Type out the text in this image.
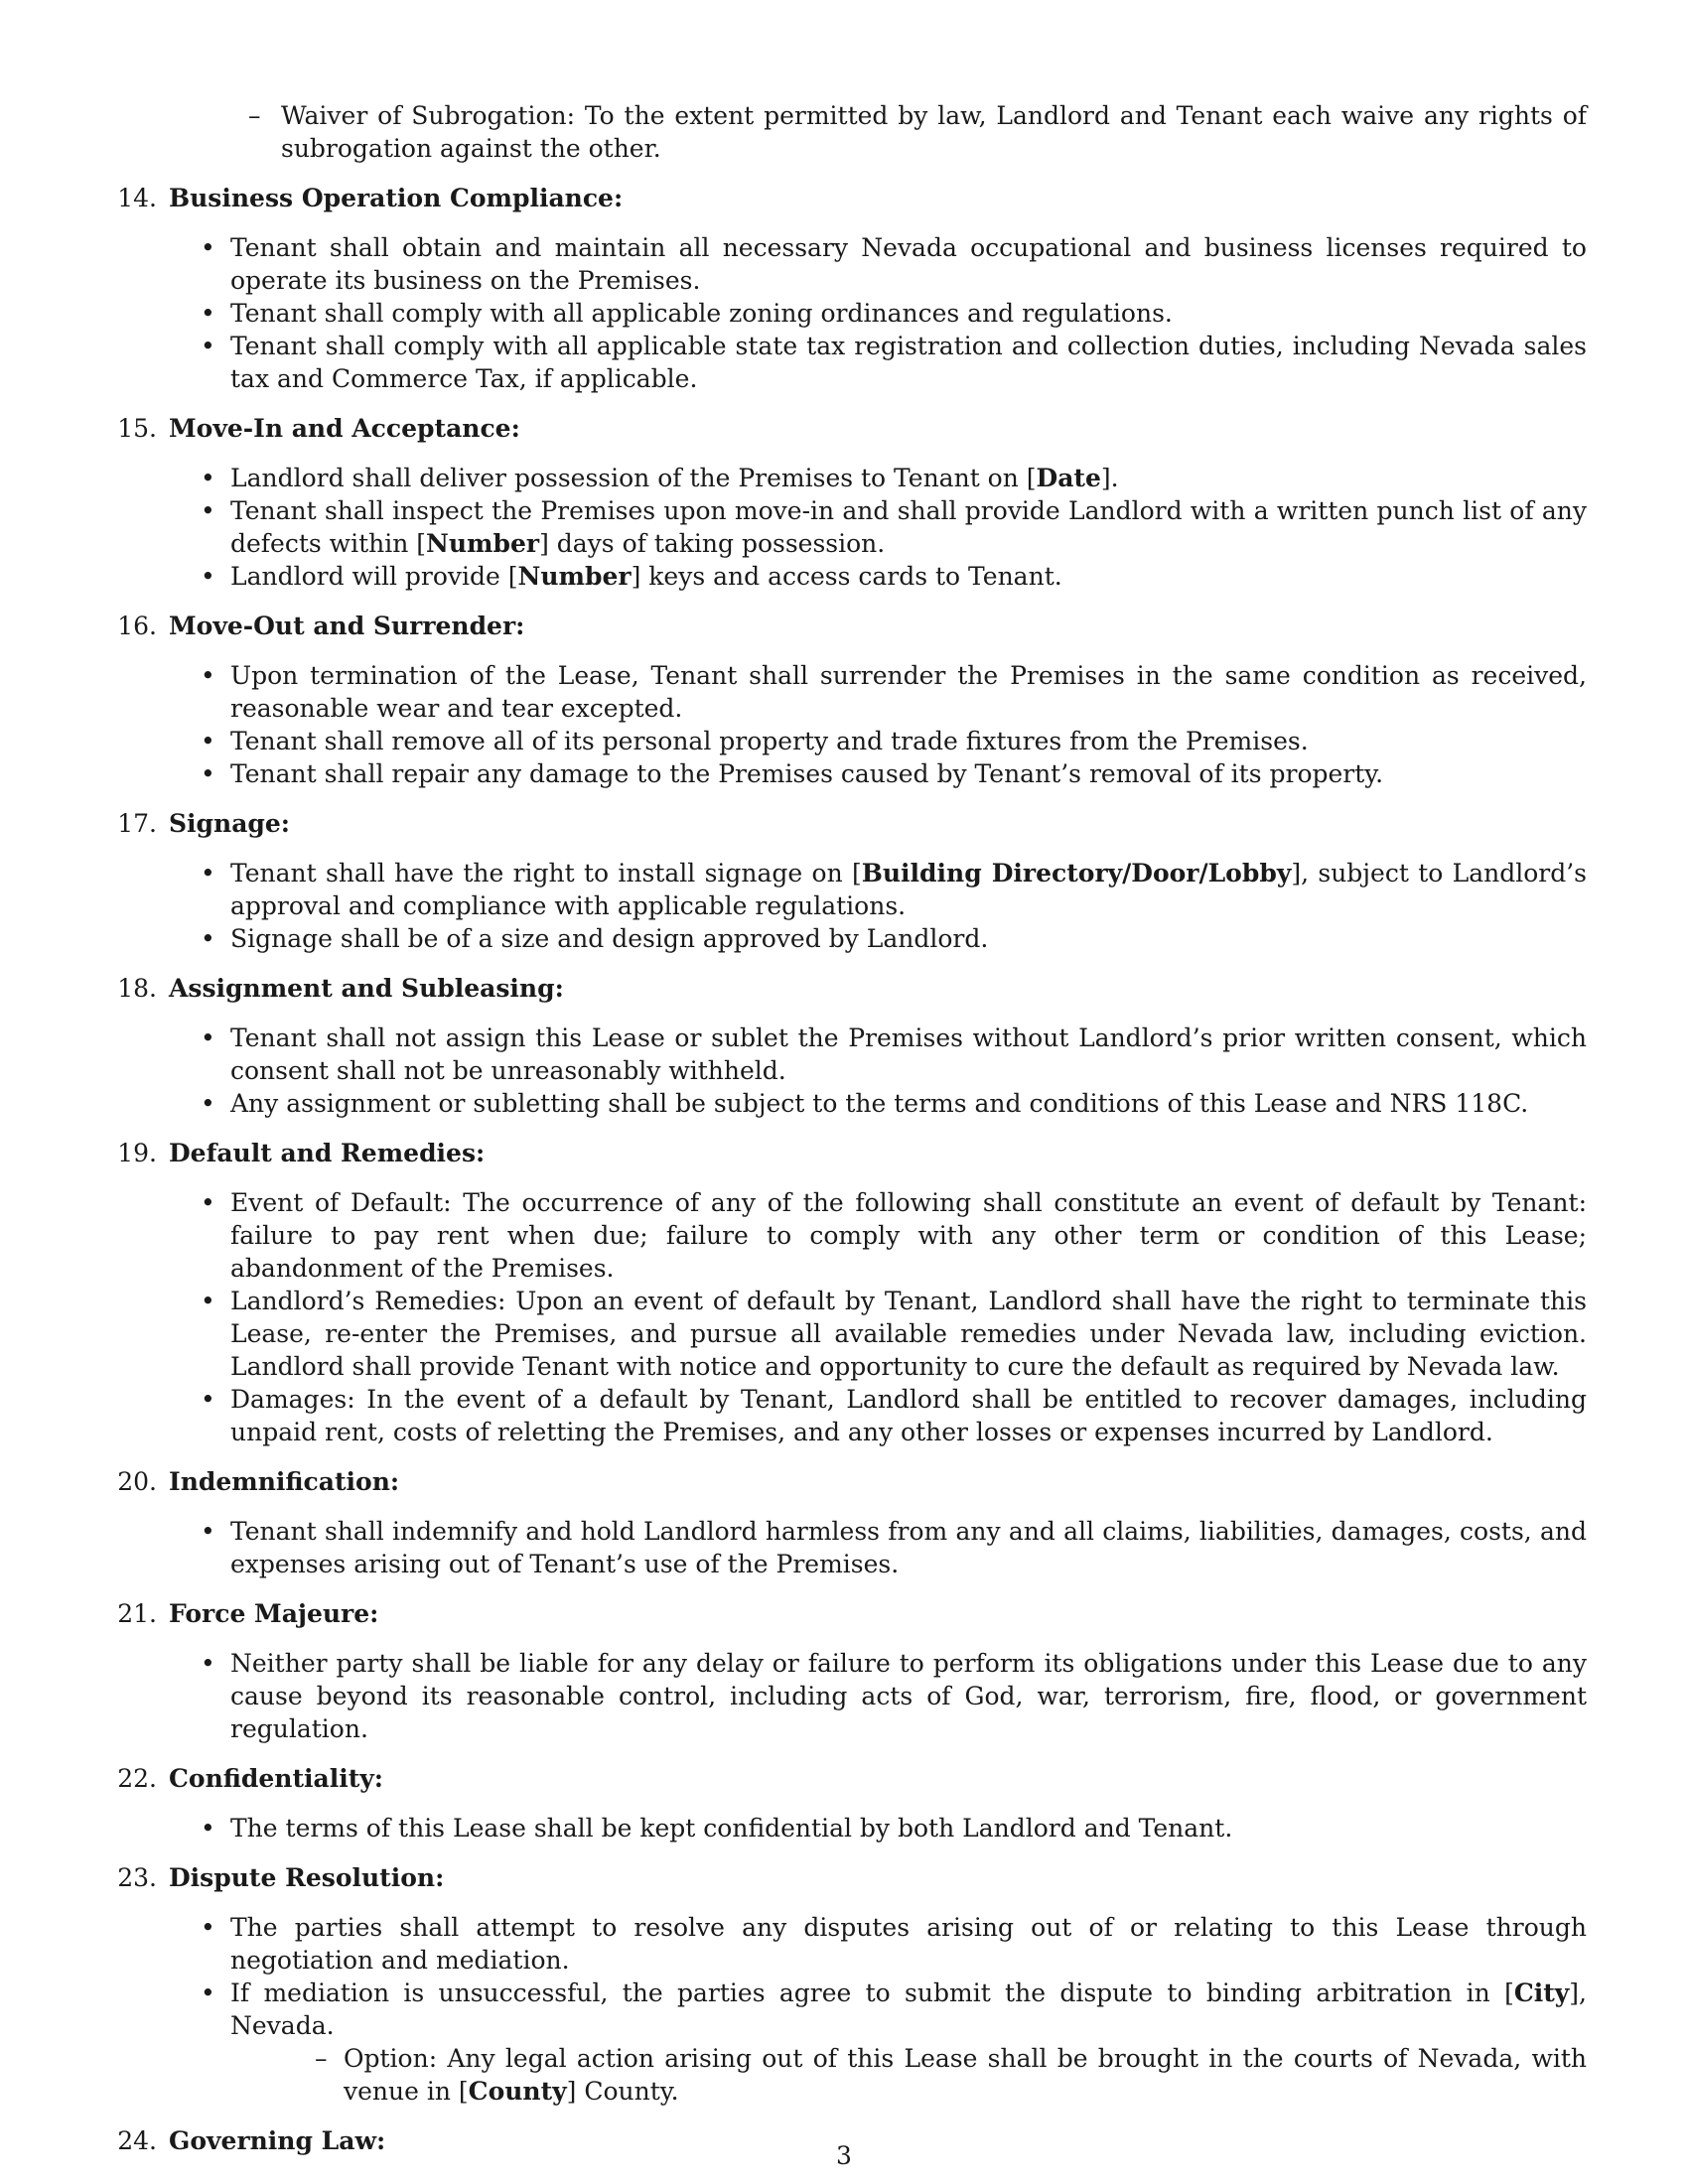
– Waiver of Subrogation: To the extent permitted by law, Landlord and Tenant each waive any rights of subrogation against the other.
14. Business Operation Compliance:
• Tenant shall obtain and maintain all necessary Nevada occupational and business licenses required to operate its business on the Premises.
• Tenant shall comply with all applicable zoning ordinances and regulations.
• Tenant shall comply with all applicable state tax registration and collection duties, including Nevada sales tax and Commerce Tax, if applicable.
15. Move-In and Acceptance:
• Landlord shall deliver possession of the Premises to Tenant on [Date].
• Tenant shall inspect the Premises upon move-in and shall provide Landlord with a written punch list of any defects within [Number] days of taking possession.
• Landlord will provide [Number] keys and access cards to Tenant.
16. Move-Out and Surrender:
• Upon termination of the Lease, Tenant shall surrender the Premises in the same condition as received, reasonable wear and tear excepted.
• Tenant shall remove all of its personal property and trade fixtures from the Premises.
• Tenant shall repair any damage to the Premises caused by Tenant’s removal of its property.
17. Signage:
• Tenant shall have the right to install signage on [Building Directory/Door/Lobby], subject to Landlord’s approval and compliance with applicable regulations.
• Signage shall be of a size and design approved by Landlord.
18. Assignment and Subleasing:
• Tenant shall not assign this Lease or sublet the Premises without Landlord’s prior written consent, which consent shall not be unreasonably withheld.
• Any assignment or subletting shall be subject to the terms and conditions of this Lease and NRS 118C.
19. Default and Remedies:
• Event of Default: The occurrence of any of the following shall constitute an event of default by Tenant: failure to pay rent when due; failure to comply with any other term or condition of this Lease; abandonment of the Premises.
• Landlord’s Remedies: Upon an event of default by Tenant, Landlord shall have the right to terminate this Lease, re-enter the Premises, and pursue all available remedies under Nevada law, including eviction. Landlord shall provide Tenant with notice and opportunity to cure the default as required by Nevada law.
• Damages: In the event of a default by Tenant, Landlord shall be entitled to recover damages, including unpaid rent, costs of reletting the Premises, and any other losses or expenses incurred by Landlord.
20. Indemnification:
• Tenant shall indemnify and hold Landlord harmless from any and all claims, liabilities, damages, costs, and expenses arising out of Tenant’s use of the Premises.
21. Force Majeure:
• Neither party shall be liable for any delay or failure to perform its obligations under this Lease due to any cause beyond its reasonable control, including acts of God, war, terrorism, fire, flood, or government regulation.
22. Confidentiality:
• The terms of this Lease shall be kept confidential by both Landlord and Tenant.
23. Dispute Resolution:
• The parties shall attempt to resolve any disputes arising out of or relating to this Lease through negotiation and mediation.
• If mediation is unsuccessful, the parties agree to submit the dispute to binding arbitration in [City], Nevada.
– Option: Any legal action arising out of this Lease shall be brought in the courts of Nevada, with venue in [County] County.
24. Governing Law:
3
